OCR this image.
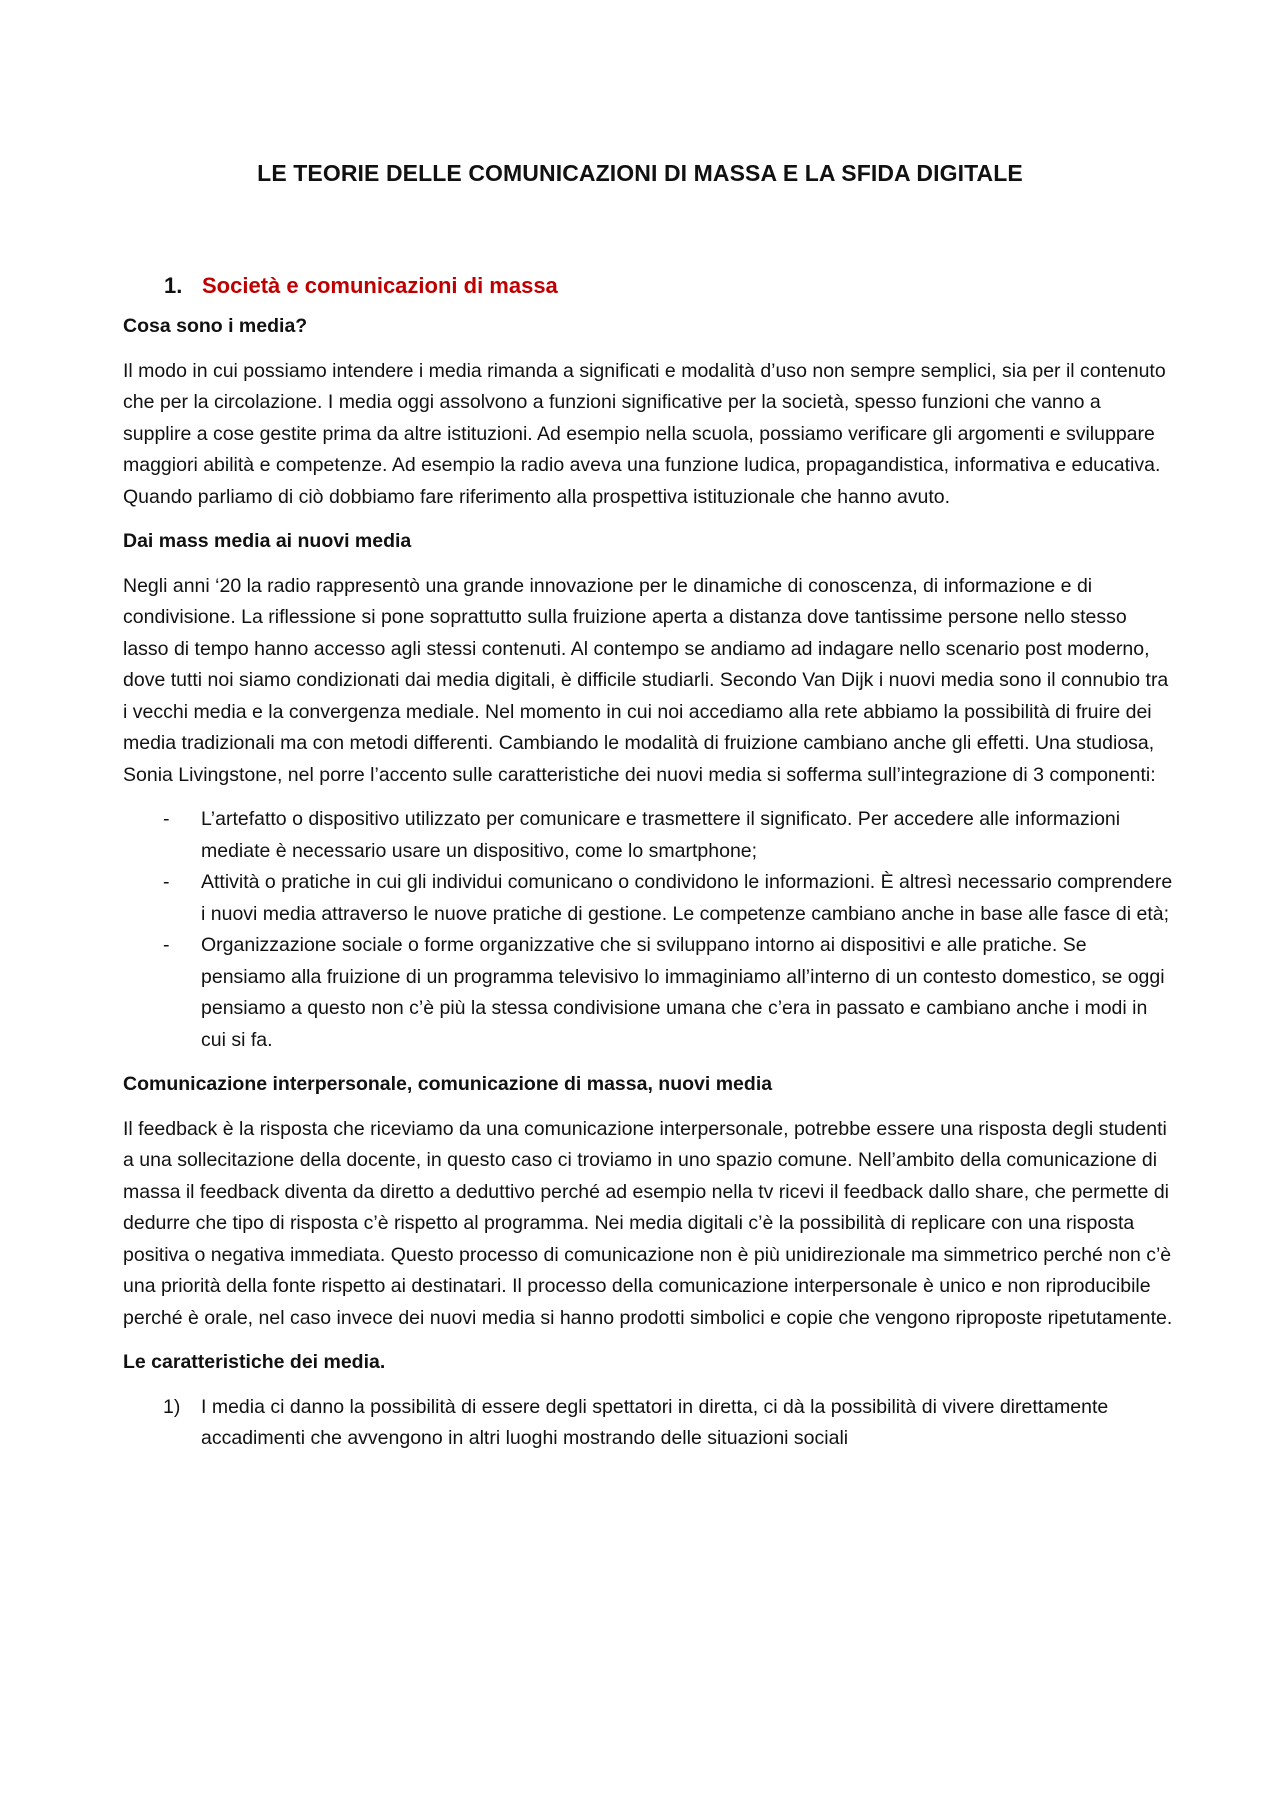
LE TEORIE DELLE COMUNICAZIONI DI MASSA E LA SFIDA DIGITALE
1. Società e comunicazioni di massa
Cosa sono i media?

Il modo in cui possiamo intendere i media rimanda a significati e modalità d’uso non sempre semplici, sia per il contenuto che per la circolazione. I media oggi assolvono a funzioni significative per la società, spesso funzioni che vanno a supplire a cose gestite prima da altre istituzioni. Ad esempio nella scuola, possiamo verificare gli argomenti e sviluppare maggiori abilità e competenze. Ad esempio la radio aveva una funzione ludica, propagandistica, informativa e educativa. Quando parliamo di ciò dobbiamo fare riferimento alla prospettiva istituzionale che hanno avuto.

Dai mass media ai nuovi media

Negli anni ‘20 la radio rappresentò una grande innovazione per le dinamiche di conoscenza, di informazione e di condivisione. La riflessione si pone soprattutto sulla fruizione aperta a distanza dove tantissime persone nello stesso lasso di tempo hanno accesso agli stessi contenuti. Al contempo se andiamo ad indagare nello scenario post moderno, dove tutti noi siamo condizionati dai media digitali, è difficile studiarli. Secondo Van Dijk i nuovi media sono il connubio tra i vecchi media e la convergenza mediale. Nel momento in cui noi accediamo alla rete abbiamo la possibilità di fruire dei media tradizionali ma con metodi differenti. Cambiando le modalità di fruizione cambiano anche gli effetti. Una studiosa, Sonia Livingstone, nel porre l’accento sulle caratteristiche dei nuovi media si sofferma sull’integrazione di 3 componenti:

-	L’artefatto o dispositivo utilizzato per comunicare e trasmettere il significato. Per accedere alle informazioni mediate è necessario usare un dispositivo, come lo smartphone;
-	Attività o pratiche in cui gli individui comunicano o condividono le informazioni. È altresì necessario comprendere i nuovi media attraverso le nuove pratiche di gestione. Le competenze cambiano anche in base alle fasce di età;
-	Organizzazione sociale o forme organizzative che si sviluppano intorno ai dispositivi e alle pratiche. Se pensiamo alla fruizione di un programma televisivo lo immaginiamo all’interno di un contesto domestico, se oggi pensiamo a questo non c’è più la stessa condivisione umana che c’era in passato e cambiano anche i modi in cui si fa.
Comunicazione interpersonale, comunicazione di massa, nuovi media

Il feedback è la risposta che riceviamo da una comunicazione interpersonale, potrebbe essere una risposta degli studenti a una sollecitazione della docente, in questo caso ci troviamo in uno spazio comune. Nell’ambito della comunicazione di massa il feedback diventa da diretto a deduttivo perché ad esempio nella tv ricevi il feedback dallo share, che permette di dedurre che tipo di risposta c’è rispetto al programma. Nei media digitali c’è la possibilità di replicare con una risposta positiva o negativa immediata. Questo processo di comunicazione non è più unidirezionale ma simmetrico perché non c’è una priorità della fonte rispetto ai destinatari. Il processo della comunicazione interpersonale è unico e non riproducibile perché è orale, nel caso invece dei nuovi media si hanno prodotti simbolici e copie che vengono riproposte ripetutamente.

Le caratteristiche dei media.
1)	I media ci danno la possibilità di essere degli spettatori in diretta, ci dà la possibilità di vivere direttamente accadimenti che avvengono in altri luoghi mostrando delle situazioni sociali
